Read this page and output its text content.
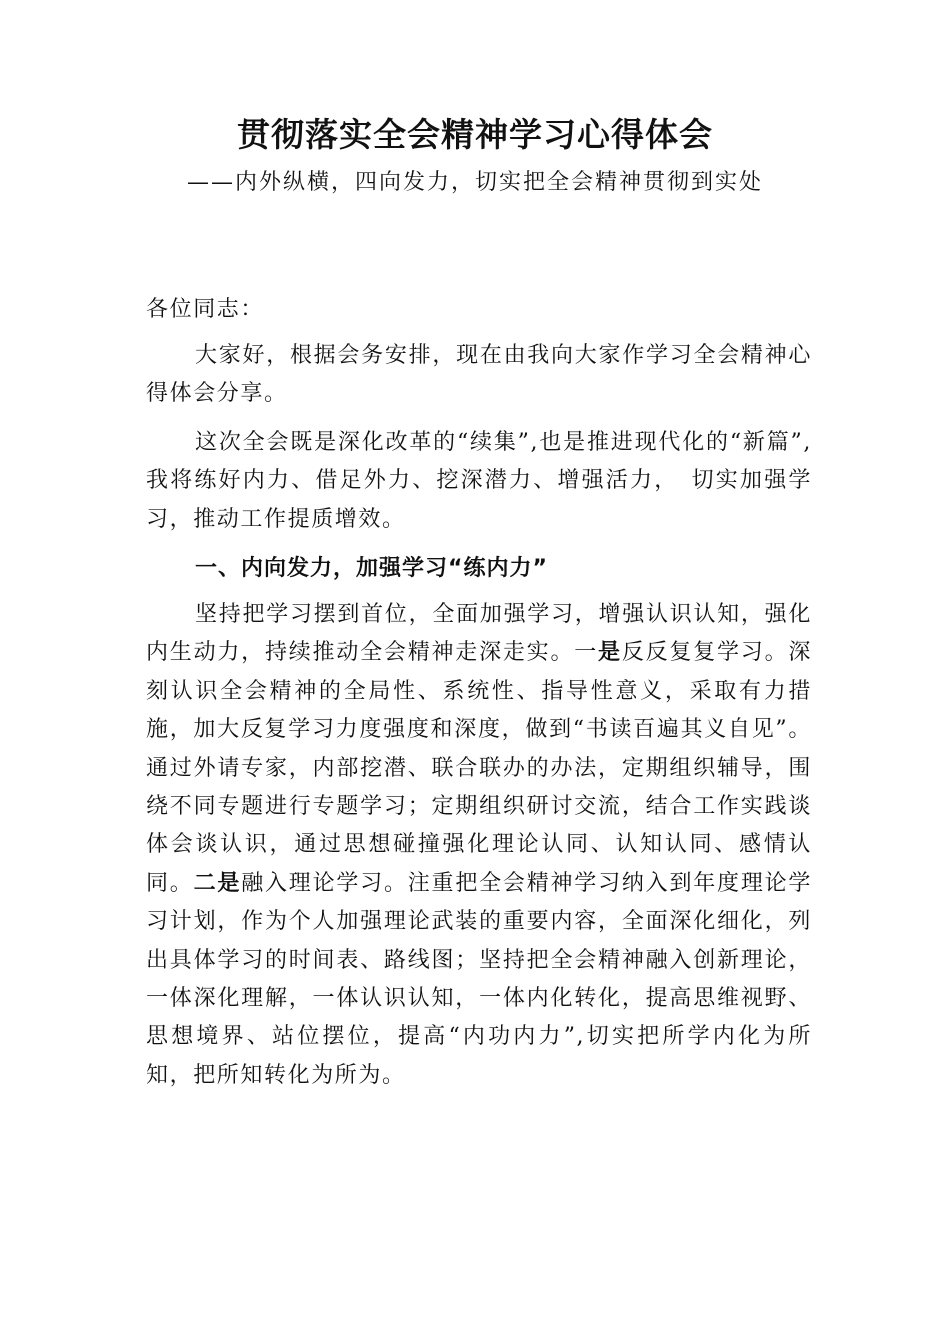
贯彻落实全会精神学习心得体会

——内外纵横，四向发力，切实把全会精神贯彻到实处

各位同志：

大家好，根据会务安排，现在由我向大家作学习全会精神心得体会分享。

这次全会既是深化改革的“续集”,也是推进现代化的“新篇”,我将练好内力、借足外力、挖深潜力、增强活力，　切实加强学习，推动工作提质增效。

一、内向发力，加强学习“练内力”

坚持把学习摆到首位，全面加强学习，增强认识认知，强化内生动力，持续推动全会精神走深走实。一是反反复复学习。深刻认识全会精神的全局性、系统性、指导性意义，采取有力措施，加大反复学习力度强度和深度，做到“书读百遍其义自见”。通过外请专家，内部挖潜、联合联办的办法，定期组织辅导，围绕不同专题进行专题学习；定期组织研讨交流，结合工作实践谈体会谈认识，通过思想碰撞强化理论认同、认知认同、感情认同。二是融入理论学习。注重把全会精神学习纳入到年度理论学习计划，作为个人加强理论武装的重要内容，全面深化细化，列出具体学习的时间表、路线图；坚持把全会精神融入创新理论，一体深化理解，一体认识认知，一体内化转化，提高思维视野、思想境界、站位摆位，提高“内功内力”,切实把所学内化为所知，把所知转化为所为。
